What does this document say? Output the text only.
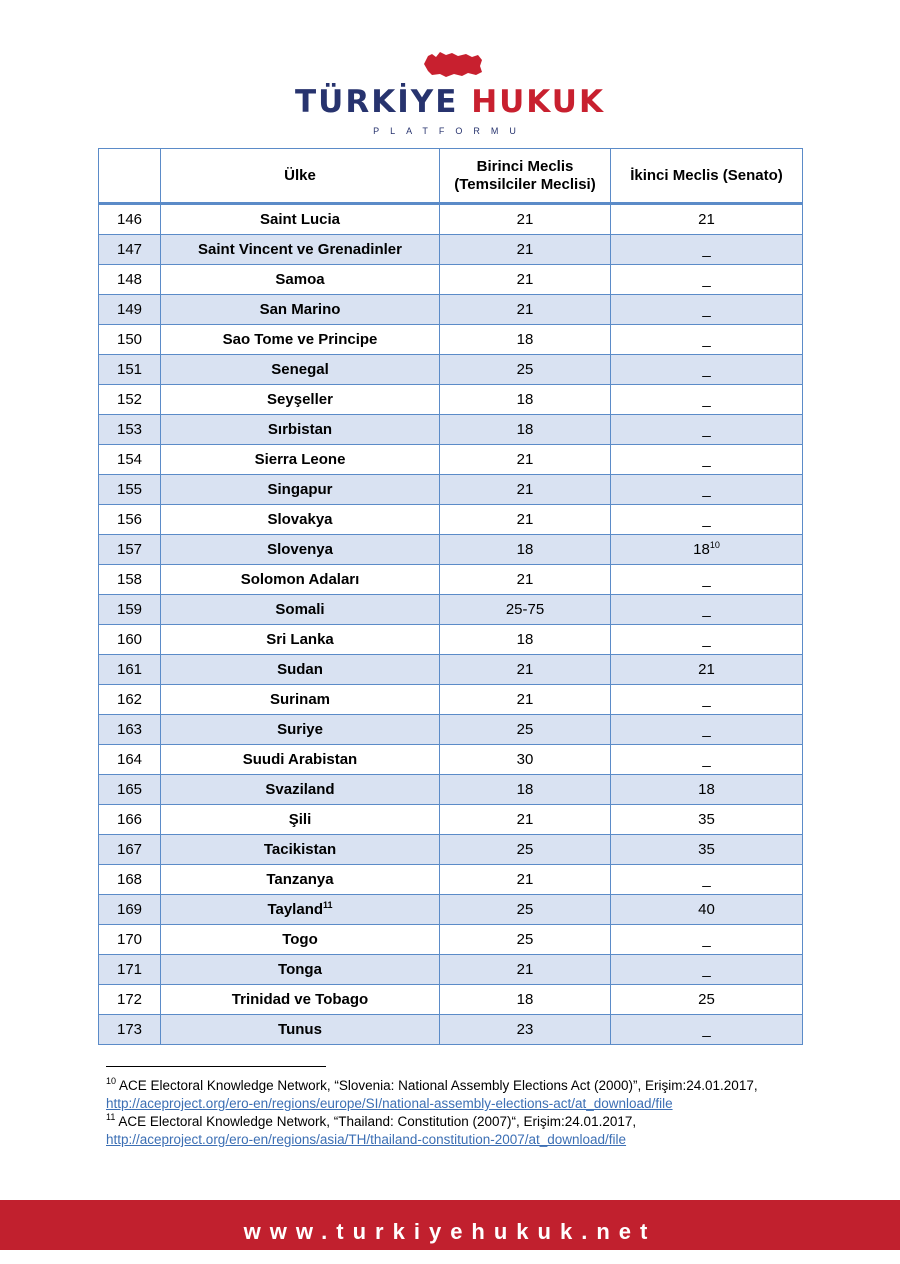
TÜRKİYE HUKUK
PLATFORMU
	Ülke	Birinci Meclis (Temsilciler Meclisi)	İkinci Meclis (Senato)
146	Saint Lucia	21	21
147	Saint Vincent ve Grenadinler	21	_
148	Samoa	21	_
149	San Marino	21	_
150	Sao Tome ve Principe	18	_
151	Senegal	25	_
152	Seyşeller	18	_
153	Sırbistan	18	_
154	Sierra Leone	21	_
155	Singapur	21	_
156	Slovakya	21	_
157	Slovenya	18	$18^{10}$
158	Solomon Adaları	21	_
159	Somali	25-75	_
160	Sri Lanka	18	_
161	Sudan	21	21
162	Surinam	21	_
163	Suriye	25	_
164	Suudi Arabistan	30	_
165	Svaziland	18	18
166	Şili	21	35
167	Tacikistan	25	35
168	Tanzanya	21	_
169	Tayland$^{11}$	25	40
170	Togo	25	_
171	Tonga	21	_
172	Trinidad ve Tobago	18	25
173	Tunus	23	_
$^{10}$ ACE Electoral Knowledge Network, “Slovenia: National Assembly Elections Act (2000)”, Erişim:24.01.2017,
http://aceproject.org/ero-en/regions/europe/SI/national-assembly-elections-act/at_download/file
$^{11}$ ACE Electoral Knowledge Network, “Thailand: Constitution (2007)“, Erişim:24.01.2017,
http://aceproject.org/ero-en/regions/asia/TH/thailand-constitution-2007/at_download/file
www.turkiyehukuk.net
